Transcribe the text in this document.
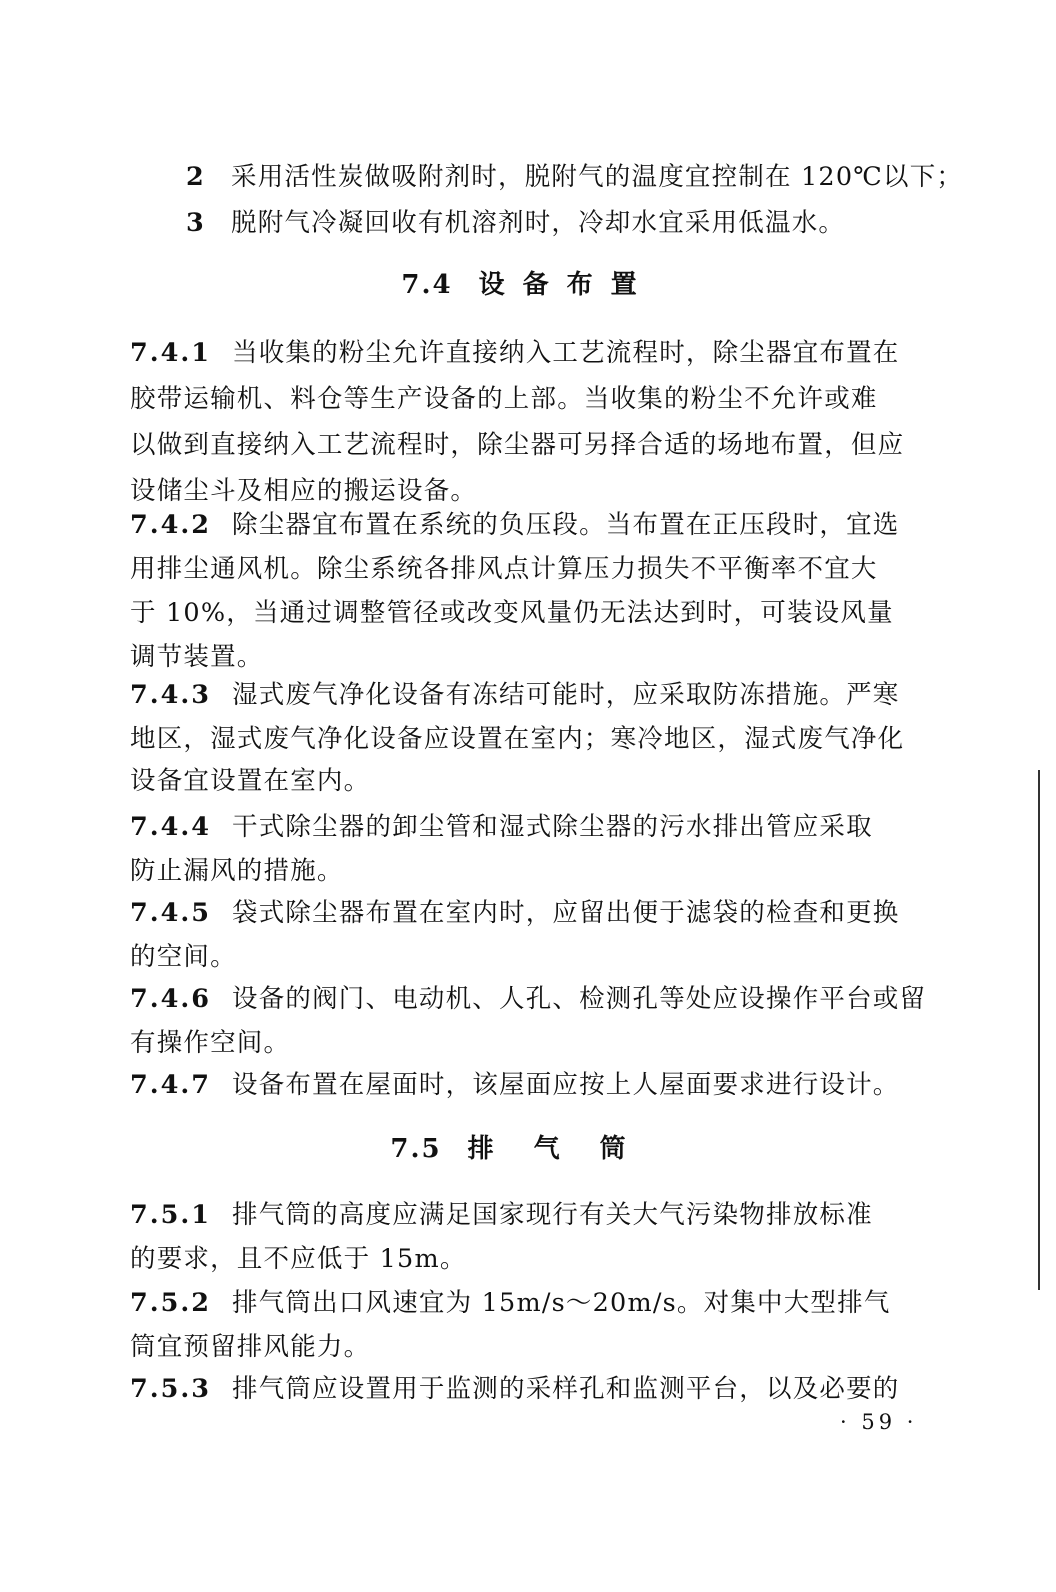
2 采用活性炭做吸附剂时，脱附气的温度宜控制在 120℃以下；
3 脱附气冷凝回收有机溶剂时，冷却水宜采用低温水。
7.4 设备布置
7.4.1 当收集的粉尘允许直接纳入工艺流程时，除尘器宜布置在
胶带运输机、料仓等生产设备的上部。当收集的粉尘不允许或难
以做到直接纳入工艺流程时，除尘器可另择合适的场地布置，但应
设储尘斗及相应的搬运设备。
7.4.2 除尘器宜布置在系统的负压段。当布置在正压段时，宜选
用排尘通风机。除尘系统各排风点计算压力损失不平衡率不宜大
于 10%，当通过调整管径或改变风量仍无法达到时，可装设风量
调节装置。
7.4.3 湿式废气净化设备有冻结可能时，应采取防冻措施。严寒
地区，湿式废气净化设备应设置在室内；寒冷地区，湿式废气净化
设备宜设置在室内。
7.4.4 干式除尘器的卸尘管和湿式除尘器的污水排出管应采取
防止漏风的措施。
7.4.5 袋式除尘器布置在室内时，应留出便于滤袋的检查和更换
的空间。
7.4.6 设备的阀门、电动机、人孔、检测孔等处应设操作平台或留
有操作空间。
7.4.7 设备布置在屋面时，该屋面应按上人屋面要求进行设计。
7.5 排气筒
7.5.1 排气筒的高度应满足国家现行有关大气污染物排放标准
的要求，且不应低于 15m。
7.5.2 排气筒出口风速宜为 15m/s～20m/s。对集中大型排气
筒宜预留排风能力。
7.5.3 排气筒应设置用于监测的采样孔和监测平台，以及必要的
· 59 ·
